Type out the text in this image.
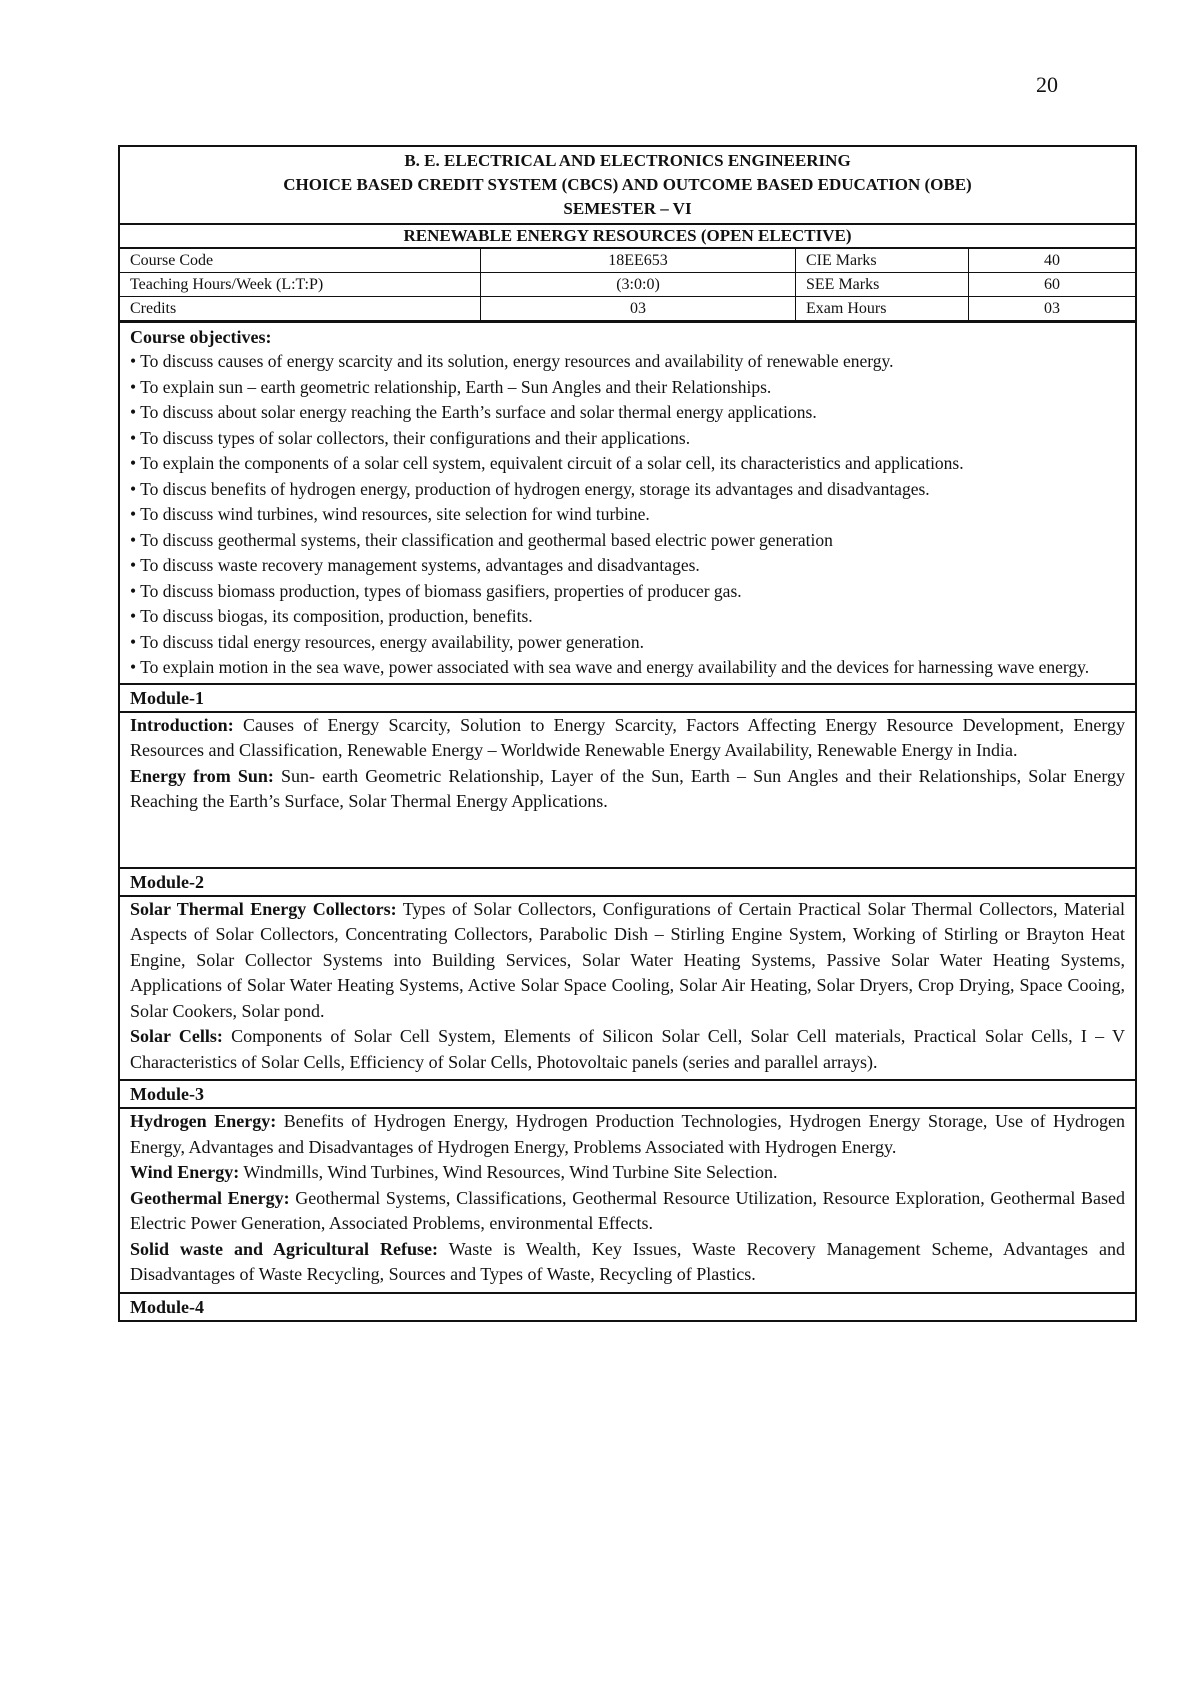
20
B. E. ELECTRICAL AND ELECTRONICS ENGINEERING
CHOICE BASED CREDIT SYSTEM (CBCS) AND OUTCOME BASED EDUCATION (OBE)
SEMESTER – VI
RENEWABLE ENERGY RESOURCES (OPEN ELECTIVE)
Course Code	18EE653	CIE Marks	40
Teaching Hours/Week (L:T:P)	(3:0:0)	SEE Marks	60
Credits	03	Exam Hours	03
Course objectives:

• To discuss causes of energy scarcity and its solution, energy resources and availability of renewable energy.

• To explain sun – earth geometric relationship, Earth – Sun Angles and their Relationships.

• To discuss about solar energy reaching the Earth’s surface and solar thermal energy applications.

• To discuss types of solar collectors, their configurations and their applications.

• To explain the components of a solar cell system, equivalent circuit of a solar cell, its characteristics and applications.

• To discus benefits of hydrogen energy, production of hydrogen energy, storage its advantages and disadvantages.

• To discuss wind turbines, wind resources, site selection for wind turbine.

• To discuss geothermal systems, their classification and geothermal based electric power generation

• To discuss waste recovery management systems, advantages and disadvantages.

• To discuss biomass production, types of biomass gasifiers, properties of producer gas.

• To discuss biogas, its composition, production, benefits.

• To discuss tidal energy resources, energy availability, power generation.

• To explain motion in the sea wave, power associated with sea wave and energy availability and the devices for harnessing wave energy.

Module-1

Introduction: Causes of Energy Scarcity, Solution to Energy Scarcity, Factors Affecting Energy Resource Development, Energy Resources and Classification, Renewable Energy – Worldwide Renewable Energy Availability, Renewable Energy in India.

Energy from Sun: Sun- earth Geometric Relationship, Layer of the Sun, Earth – Sun Angles and their Relationships, Solar Energy Reaching the Earth’s Surface, Solar Thermal Energy Applications.

Module-2

Solar Thermal Energy Collectors: Types of Solar Collectors, Configurations of Certain Practical Solar Thermal Collectors, Material Aspects of Solar Collectors, Concentrating Collectors, Parabolic Dish – Stirling Engine System, Working of Stirling or Brayton Heat Engine, Solar Collector Systems into Building Services, Solar Water Heating Systems, Passive Solar Water Heating Systems, Applications of Solar Water Heating Systems, Active Solar Space Cooling, Solar Air Heating, Solar Dryers, Crop Drying, Space Cooing, Solar Cookers, Solar pond.

Solar Cells: Components of Solar Cell System, Elements of Silicon Solar Cell, Solar Cell materials, Practical Solar Cells, I – V Characteristics of Solar Cells, Efficiency of Solar Cells, Photovoltaic panels (series and parallel arrays).

Module-3

Hydrogen Energy: Benefits of Hydrogen Energy, Hydrogen Production Technologies, Hydrogen Energy Storage, Use of Hydrogen Energy, Advantages and Disadvantages of Hydrogen Energy, Problems Associated with Hydrogen Energy.

Wind Energy: Windmills, Wind Turbines, Wind Resources, Wind Turbine Site Selection.

Geothermal Energy: Geothermal Systems, Classifications, Geothermal Resource Utilization, Resource Exploration, Geothermal Based Electric Power Generation, Associated Problems, environmental Effects.

Solid waste and Agricultural Refuse: Waste is Wealth, Key Issues, Waste Recovery Management Scheme, Advantages and Disadvantages of Waste Recycling, Sources and Types of Waste, Recycling of Plastics.

Module-4
